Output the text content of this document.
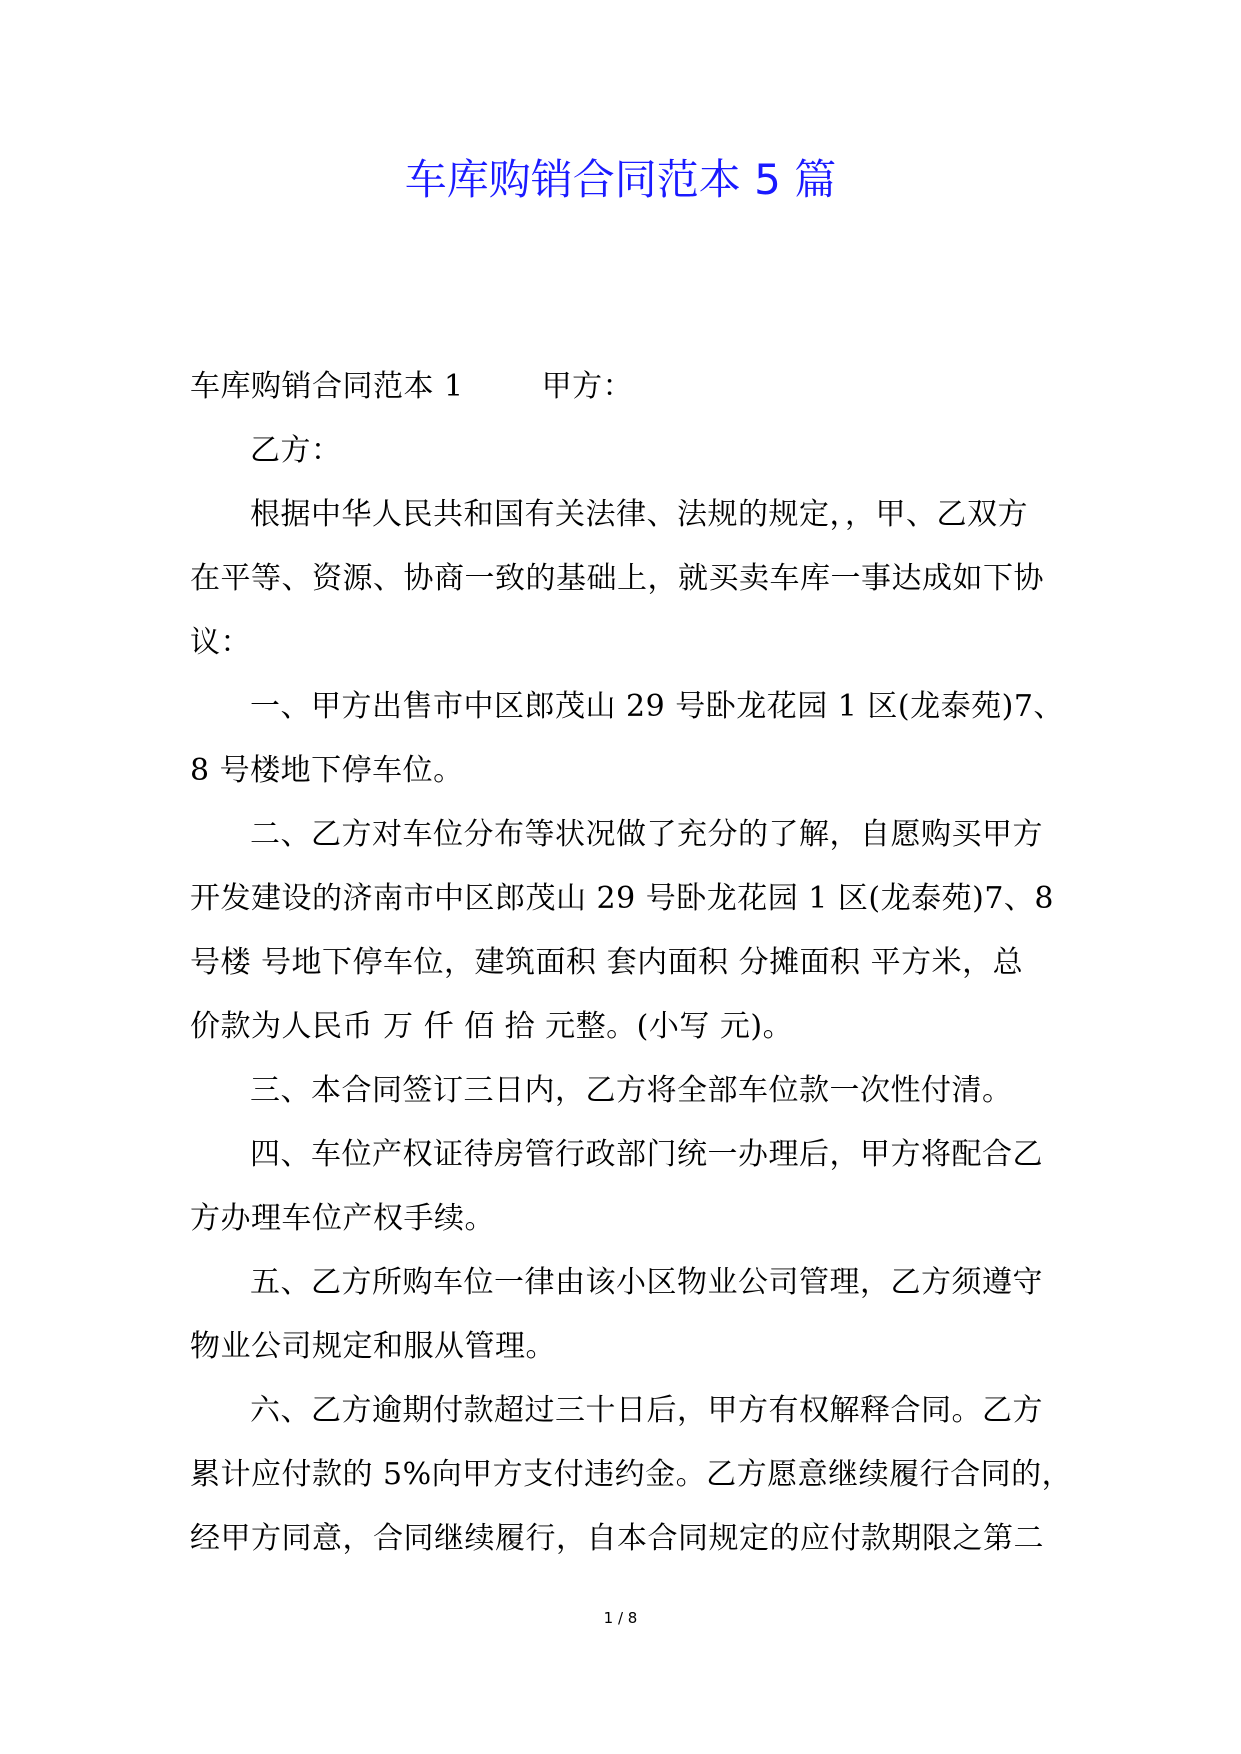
车库购销合同范本 5 篇
车库购销合同范本 1	甲方：
乙方：
根据中华人民共和国有关法律、法规的规定，，甲、乙双方
在平等、资源、协商一致的基础上，就买卖车库一事达成如下协
议：
一、甲方出售市中区郎茂山 29 号卧龙花园 1 区(龙泰苑)7、
8 号楼地下停车位。
二、乙方对车位分布等状况做了充分的了解，自愿购买甲方
开发建设的济南市中区郎茂山 29 号卧龙花园 1 区(龙泰苑)7、8
号楼 号地下停车位，建筑面积 套内面积 分摊面积 平方米，总
价款为人民币 万 仟 佰 拾 元整。(小写 元)。
三、本合同签订三日内，乙方将全部车位款一次性付清。
四、车位产权证待房管行政部门统一办理后，甲方将配合乙
方办理车位产权手续。
五、乙方所购车位一律由该小区物业公司管理，乙方须遵守
物业公司规定和服从管理。
六、乙方逾期付款超过三十日后，甲方有权解释合同。乙方
累计应付款的 5%向甲方支付违约金。乙方愿意继续履行合同的，
经甲方同意，合同继续履行，自本合同规定的应付款期限之第二
1 / 8
